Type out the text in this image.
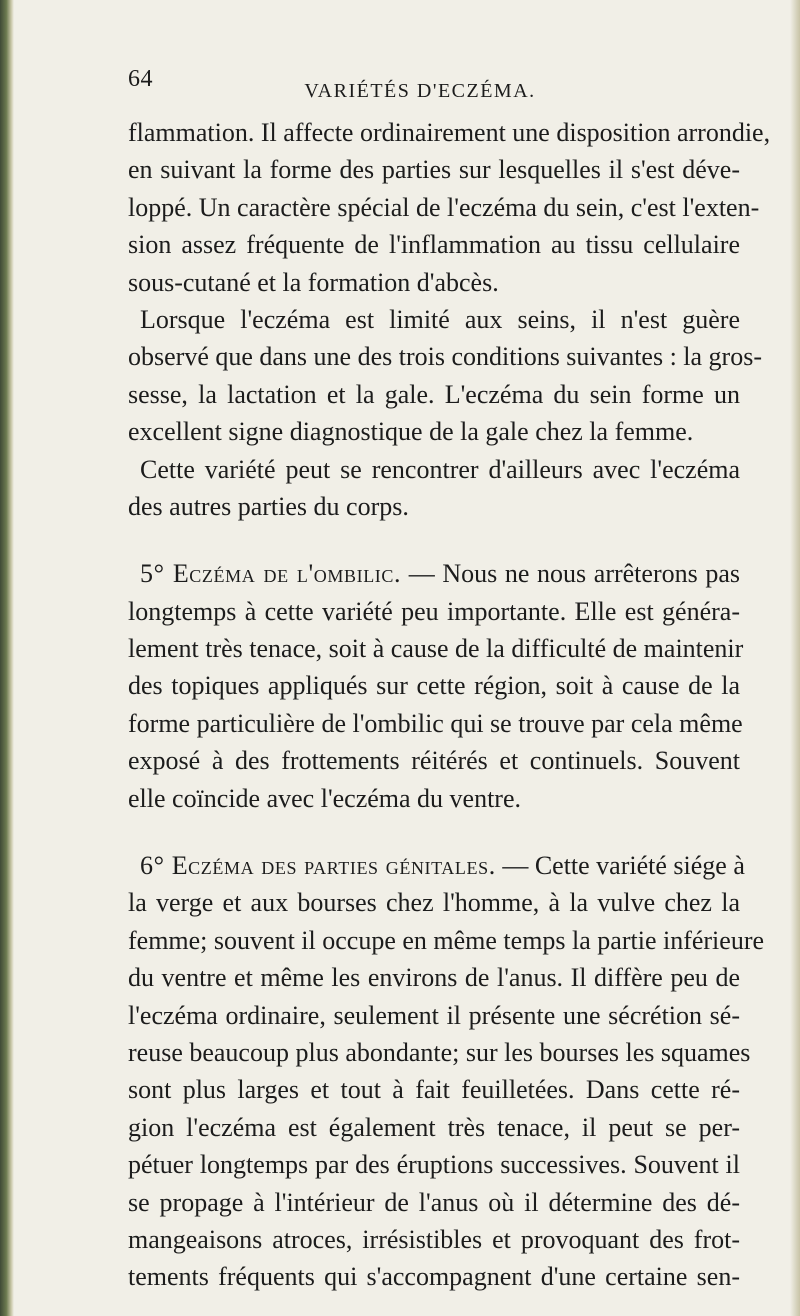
64	VARIÉTÉS D'ECZÉMA.
flammation. Il affecte ordinairement une disposition arrondie,
en suivant la forme des parties sur lesquelles il s'est déve-
loppé. Un caractère spécial de l'eczéma du sein, c'est l'exten-
sion assez fréquente de l'inflammation au tissu cellulaire
sous-cutané et la formation d'abcès.
Lorsque l'eczéma est limité aux seins, il n'est guère
observé que dans une des trois conditions suivantes : la gros-
sesse, la lactation et la gale. L'eczéma du sein forme un
excellent signe diagnostique de la gale chez la femme.
Cette variété peut se rencontrer d'ailleurs avec l'eczéma
des autres parties du corps.
5° Eczéma de l'ombilic. — Nous ne nous arrêterons pas
longtemps à cette variété peu importante. Elle est généra-
lement très tenace, soit à cause de la difficulté de maintenir
des topiques appliqués sur cette région, soit à cause de la
forme particulière de l'ombilic qui se trouve par cela même
exposé à des frottements réitérés et continuels. Souvent
elle coïncide avec l'eczéma du ventre.
6° Eczéma des parties génitales. — Cette variété siége à
la verge et aux bourses chez l'homme, à la vulve chez la
femme; souvent il occupe en même temps la partie inférieure
du ventre et même les environs de l'anus. Il diffère peu de
l'eczéma ordinaire, seulement il présente une sécrétion sé-
reuse beaucoup plus abondante; sur les bourses les squames
sont plus larges et tout à fait feuilletées. Dans cette ré-
gion l'eczéma est également très tenace, il peut se per-
pétuer longtemps par des éruptions successives. Souvent il
se propage à l'intérieur de l'anus où il détermine des dé-
mangeaisons atroces, irrésistibles et provoquant des frot-
tements fréquents qui s'accompagnent d'une certaine sen-
